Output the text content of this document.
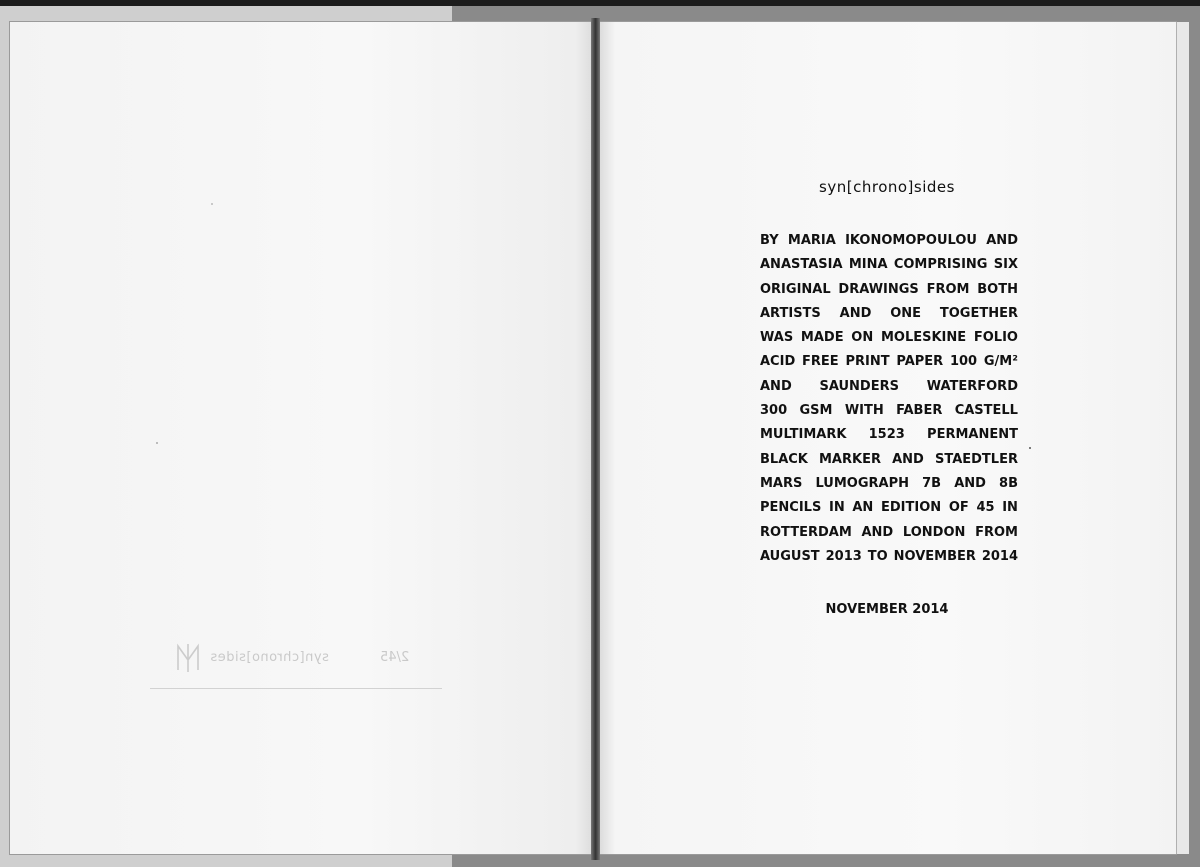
syn[chrono]sides	2/45
syn[chrono]sides
BY MARIA IKONOMOPOULOU AND
ANASTASIA MINA COMPRISING SIX
ORIGINAL DRAWINGS FROM BOTH
ARTISTS AND ONE TOGETHER
WAS MADE ON MOLESKINE FOLIO
ACID FREE PRINT PAPER 100 G/M²
AND SAUNDERS WATERFORD
300 GSM WITH FABER CASTELL
MULTIMARK 1523 PERMANENT
BLACK MARKER AND STAEDTLER
MARS LUMOGRAPH 7B AND 8B
PENCILS IN AN EDITION OF 45 IN
ROTTERDAM AND LONDON FROM
AUGUST 2013 TO NOVEMBER 2014
NOVEMBER 2014
